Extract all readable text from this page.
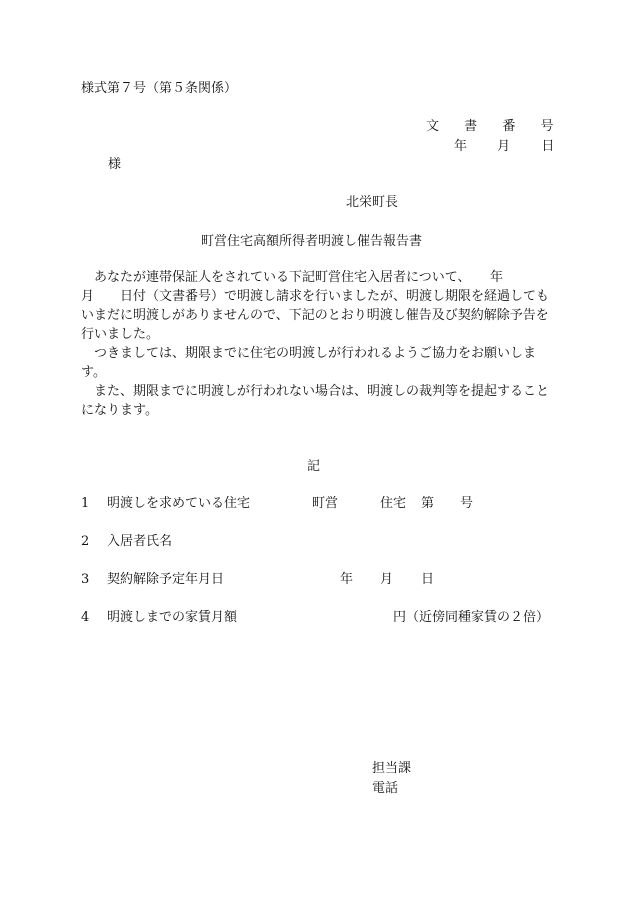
様式第７号（第５条関係）
文 書 番 号
年 月 日
様
北栄町長
町営住宅高額所得者明渡し催告報告書

あなたが連帯保証人をされている下記町営住宅入居者について、　　年

月　　日付（文書番号）で明渡し請求を行いましたが、明渡し期限を経過してもいまだに明渡しがありませんので、下記のとおり明渡し催告及び契約解除予告を行いました。

つきましては、期限までに住宅の明渡しが行われるようご協力をお願いします。

また、期限までに明渡しが行われない場合は、明渡しの裁判等を提起することになります。

記
1 明渡しを求めている住宅	町営	住宅 第 号
2 入居者氏名
3 契約解除予定年月日	年 月 日
4 明渡しまでの家賃月額	円（近傍同種家賃の２倍）
担当課
電話
